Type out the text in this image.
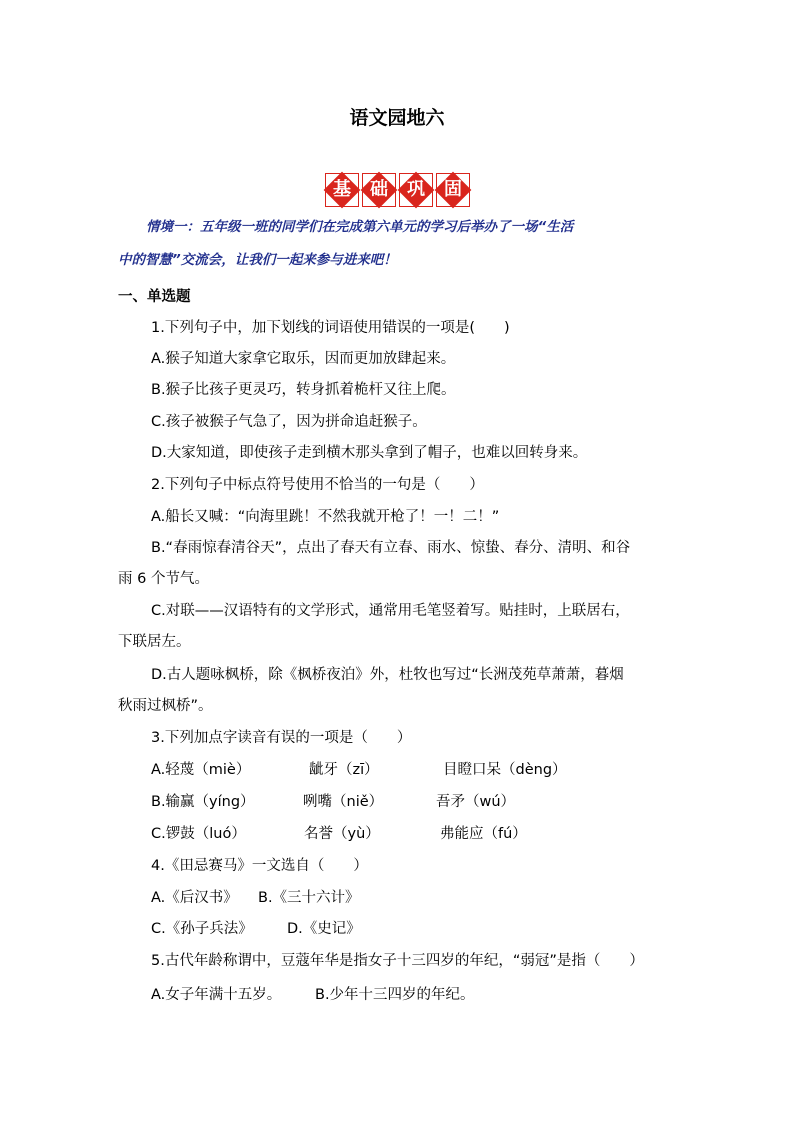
语文园地六
基	础	巩	固
情境一：五年级一班的同学们在完成第六单元的学习后举办了一场“生活
中的智慧”交流会，让我们一起来参与进来吧！
一、单选题
1.下列句子中，加下划线的词语使用错误的一项是(　　)
A.猴子知道大家拿它取乐，因而更加放肆起来。
B.猴子比孩子更灵巧，转身抓着桅杆又往上爬。
C.孩子被猴子气急了，因为拼命追赶猴子。
D.大家知道，即使孩子走到横木那头拿到了帽子，也难以回转身来。
2.下列句子中标点符号使用不恰当的一句是（　　）
A.船长又喊：“向海里跳！不然我就开枪了！一！二！”
B.“春雨惊春清谷天”，点出了春天有立春、雨水、惊蛰、春分、清明、和谷
雨 6 个节气。
C.对联——汉语特有的文学形式，通常用毛笔竖着写。贴挂时，上联居右，
下联居左。
D.古人题咏枫桥，除《枫桥夜泊》外，杜牧也写过“长洲茂苑草萧萧，暮烟
秋雨过枫桥”。
3.下列加点字读音有误的一项是（　　）
A.轻蔑（miè）	龇牙（zī）	目瞪口呆（dèng）
B.输赢（yíng）	咧嘴（niě）	吾矛（wú）
C.锣鼓（luó）	名誉（yù）	弗能应（fú）
4.《田忌赛马》一文选自（　　）
A.《后汉书》 B.《三十六计》
C.《孙子兵法》 D.《史记》
5.古代年龄称谓中，豆蔻年华是指女子十三四岁的年纪，“弱冠”是指（　　）
A.女子年满十五岁。 B.少年十三四岁的年纪。
